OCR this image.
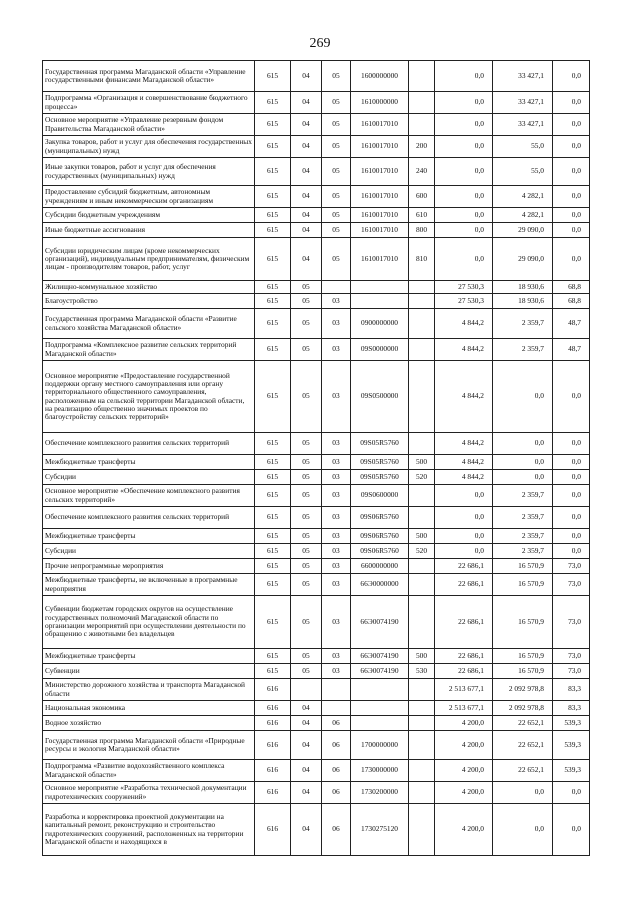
269
Государственная программа Магаданской области «Управление государственными финансами Магаданской области»	615	04	05	1600000000		0,0	33 427,1	0,0
Подпрограмма «Организация и совершенствование бюджетного процесса»	615	04	05	1610000000		0,0	33 427,1	0,0
Основное мероприятие «Управление резервным фондом Правительства Магаданской области»	615	04	05	1610017010		0,0	33 427,1	0,0
Закупка товаров, работ и услуг для обеспечения государственных (муниципальных) нужд	615	04	05	1610017010	200	0,0	55,0	0,0
Иные закупки товаров, работ и услуг для обеспечения государственных (муниципальных) нужд	615	04	05	1610017010	240	0,0	55,0	0,0
Предоставление субсидий бюджетным, автономным учреждениям и иным некоммерческим организациям	615	04	05	1610017010	600	0,0	4 282,1	0,0
Субсидии бюджетным учреждениям	615	04	05	1610017010	610	0,0	4 282,1	0,0
Иные бюджетные ассигнования	615	04	05	1610017010	800	0,0	29 090,0	0,0
Субсидии юридическим лицам (кроме некоммерческих организаций), индивидуальным предпринимателям, физическим лицам - производителям товаров, работ, услуг	615	04	05	1610017010	810	0,0	29 090,0	0,0
Жилищно-коммунальное хозяйство	615	05				27 530,3	18 930,6	68,8
Благоустройство	615	05	03			27 530,3	18 930,6	68,8
Государственная программа Магаданской области «Развитие сельского хозяйства Магаданской области»	615	05	03	0900000000		4 844,2	2 359,7	48,7
Подпрограмма «Комплексное развитие сельских территорий Магаданской области»	615	05	03	09S0000000		4 844,2	2 359,7	48,7
Основное мероприятие «Предоставление государственной поддержки органу местного самоуправления или органу территориального общественного самоуправления, расположенным на сельской территории Магаданской области, на реализацию общественно значимых проектов по благоустройству сельских территорий»	615	05	03	09S0500000		4 844,2	0,0	0,0
Обеспечение комплексного развития сельских территорий	615	05	03	09S05R5760		4 844,2	0,0	0,0
Межбюджетные трансферты	615	05	03	09S05R5760	500	4 844,2	0,0	0,0
Субсидии	615	05	03	09S05R5760	520	4 844,2	0,0	0,0
Основное мероприятие «Обеспечение комплексного развития сельских территорий»	615	05	03	09S0600000		0,0	2 359,7	0,0
Обеспечение комплексного развития сельских территорий	615	05	03	09S06R5760		0,0	2 359,7	0,0
Межбюджетные трансферты	615	05	03	09S06R5760	500	0,0	2 359,7	0,0
Субсидии	615	05	03	09S06R5760	520	0,0	2 359,7	0,0
Прочие непрограммные мероприятия	615	05	03	6600000000		22 686,1	16 570,9	73,0
Межбюджетные трансферты, не включенные в программные мероприятия	615	05	03	66Э0000000		22 686,1	16 570,9	73,0
Субвенции бюджетам городских округов на осуществление государственных полномочий Магаданской области по организации мероприятий при осуществлении деятельности по обращению с животными без владельцев	615	05	03	66Э0074190		22 686,1	16 570,9	73,0
Межбюджетные трансферты	615	05	03	66Э0074190	500	22 686,1	16 570,9	73,0
Субвенции	615	05	03	66Э0074190	530	22 686,1	16 570,9	73,0
Министерство дорожного хозяйства и транспорта Магаданской области	616					2 513 677,1	2 092 978,8	83,3
Национальная экономика	616	04				2 513 677,1	2 092 978,8	83,3
Водное хозяйство	616	04	06			4 200,0	22 652,1	539,3
Государственная программа Магаданской области «Природные ресурсы и экология Магаданской области»	616	04	06	1700000000		4 200,0	22 652,1	539,3
Подпрограмма «Развитие водохозяйственного комплекса Магаданской области»	616	04	06	1730000000		4 200,0	22 652,1	539,3
Основное мероприятие «Разработка технической документации гидротехнических сооружений»	616	04	06	1730200000		4 200,0	0,0	0,0
Разработка и корректировка проектной документации на капитальный ремонт, реконструкцию и строительство гидротехнических сооружений, расположенных на территории Магаданской области и находящихся в	616	04	06	1730275120		4 200,0	0,0	0,0
